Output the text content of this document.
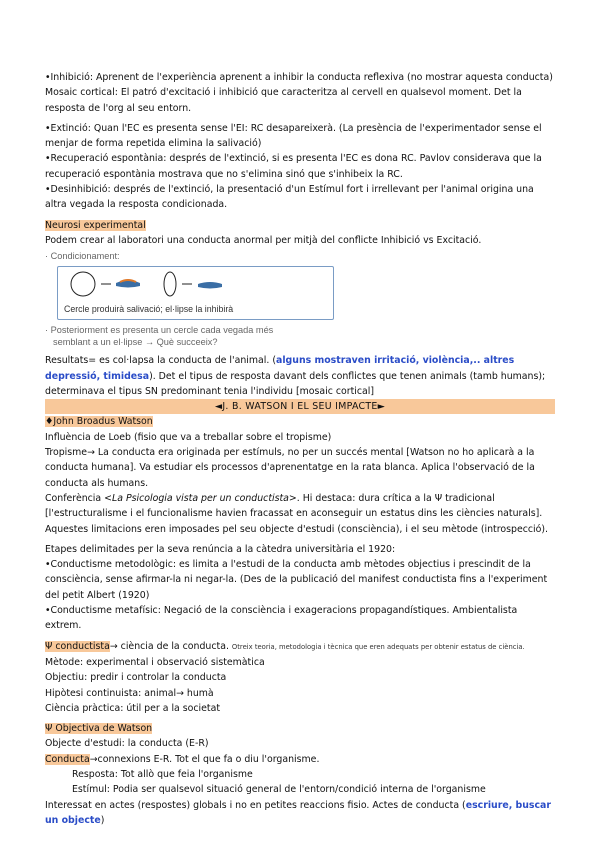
•Inhibició: Aprenent de l'experiència aprenent a inhibir la conducta reflexiva (no mostrar aquesta conducta)

Mosaic cortical: El patró d'excitació i inhibició que caracteritza al cervell en qualsevol moment. Det la resposta de l'org al seu entorn.

•Extinció: Quan l'EC es presenta sense l'EI: RC desapareixerà. (La presència de l'experimentador sense el menjar de forma repetida elimina la salivació)

•Recuperació espontània: després de l'extinció, si es presenta l'EC es dona RC. Pavlov considerava que la recuperació espontània mostrava que no s'elimina sinó que s'inhibeix la RC.

•Desinhibició: després de l'extinció, la presentació d'un Estímul fort i irrellevant per l'animal origina una altra vegada la resposta condicionada.

Neurosi experimental

Podem crear al laboratori una conducta anormal per mitjà del conflicte Inhibició vs Excitació.

· Condicionament:
Cercle produirà salivació; el·lipse la inhibirà
· Posteriorment es presenta un cercle cada vegada més
semblant a un el·lipse → Què succeeix?

Resultats= es col·lapsa la conducta de l'animal. (alguns mostraven irritació, violència,.. altres depressió, timidesa). Det el tipus de resposta davant dels conflictes que tenen animals (tamb humans); determinava el tipus SN predominant tenia l'individu [mosaic cortical]

◄J. B. WATSON I EL SEU IMPACTE►

♦John Broadus Watson

Influència de Loeb (fisio que va a treballar sobre el tropisme)

Tropisme→ La conducta era originada per estímuls, no per un succés mental [Watson no ho aplicarà a la conducta humana]. Va estudiar els processos d'aprenentatge en la rata blanca. Aplica l'observació de la conducta als humans.

Conferència <La Psicologia vista per un conductista>. Hi destaca: dura crítica a la Ψ tradicional [l'estructuralisme i el funcionalisme havien fracassat en aconseguir un estatus dins les ciències naturals]. Aquestes limitacions eren imposades pel seu objecte d'estudi (consciència), i el seu mètode (introspecció).

Etapes delimitades per la seva renúncia a la càtedra universitària el 1920:

•Conductisme metodològic: es limita a l'estudi de la conducta amb mètodes objectius i prescindit de la consciència, sense afirmar-la ni negar-la. (Des de la publicació del manifest conductista fins a l'experiment del petit Albert (1920)

•Conductisme metafísic: Negació de la consciència i exageracions propagandístiques. Ambientalista extrem.

Ψ conductista→ ciència de la conducta. Otreix teoria, metodologia i tècnica que eren adequats per obtenir estatus de ciència.

Mètode: experimental i observació sistemàtica

Objectiu: predir i controlar la conducta

Hipòtesi continuista: animal→ humà

Ciència pràctica: útil per a la societat

Ψ Objectiva de Watson

Objecte d'estudi: la conducta (E-R)

Conducta→connexions E-R. Tot el que fa o diu l'organisme.

Resposta: Tot allò que feia l'organisme

Estímul: Podia ser qualsevol situació general de l'entorn/condició interna de l'organisme

Interessat en actes (respostes) globals i no en petites reaccions fisio. Actes de conducta (escriure, buscar un objecte)
